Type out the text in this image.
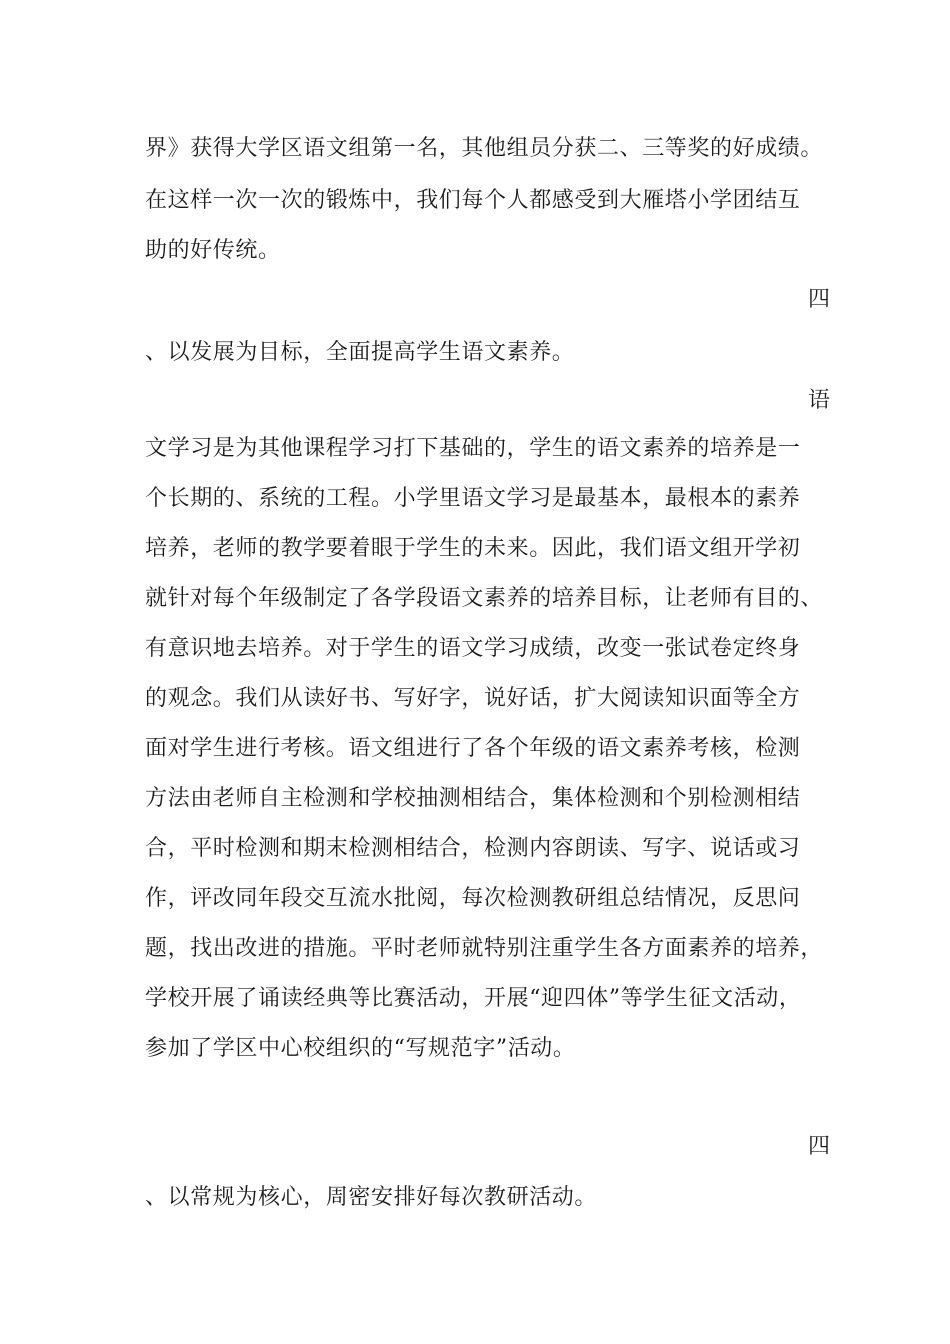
界》获得大学区语文组第一名，其他组员分获二、三等奖的好成绩。
在这样一次一次的锻炼中，我们每个人都感受到大雁塔小学团结互
助的好传统。
四
、以发展为目标，全面提高学生语文素养。
语
文学习是为其他课程学习打下基础的，学生的语文素养的培养是一
个长期的、系统的工程。小学里语文学习是最基本，最根本的素养
培养，老师的教学要着眼于学生的未来。因此，我们语文组开学初
就针对每个年级制定了各学段语文素养的培养目标，让老师有目的、
有意识地去培养。对于学生的语文学习成绩，改变一张试卷定终身
的观念。我们从读好书、写好字，说好话，扩大阅读知识面等全方
面对学生进行考核。语文组进行了各个年级的语文素养考核，检测
方法由老师自主检测和学校抽测相结合，集体检测和个别检测相结
合，平时检测和期末检测相结合，检测内容朗读、写字、说话或习
作，评改同年段交互流水批阅，每次检测教研组总结情况，反思问
题，找出改进的措施。平时老师就特别注重学生各方面素养的培养，
学校开展了诵读经典等比赛活动，开展“迎四体”等学生征文活动，
参加了学区中心校组织的“写规范字”活动。
四
、以常规为核心，周密安排好每次教研活动。
